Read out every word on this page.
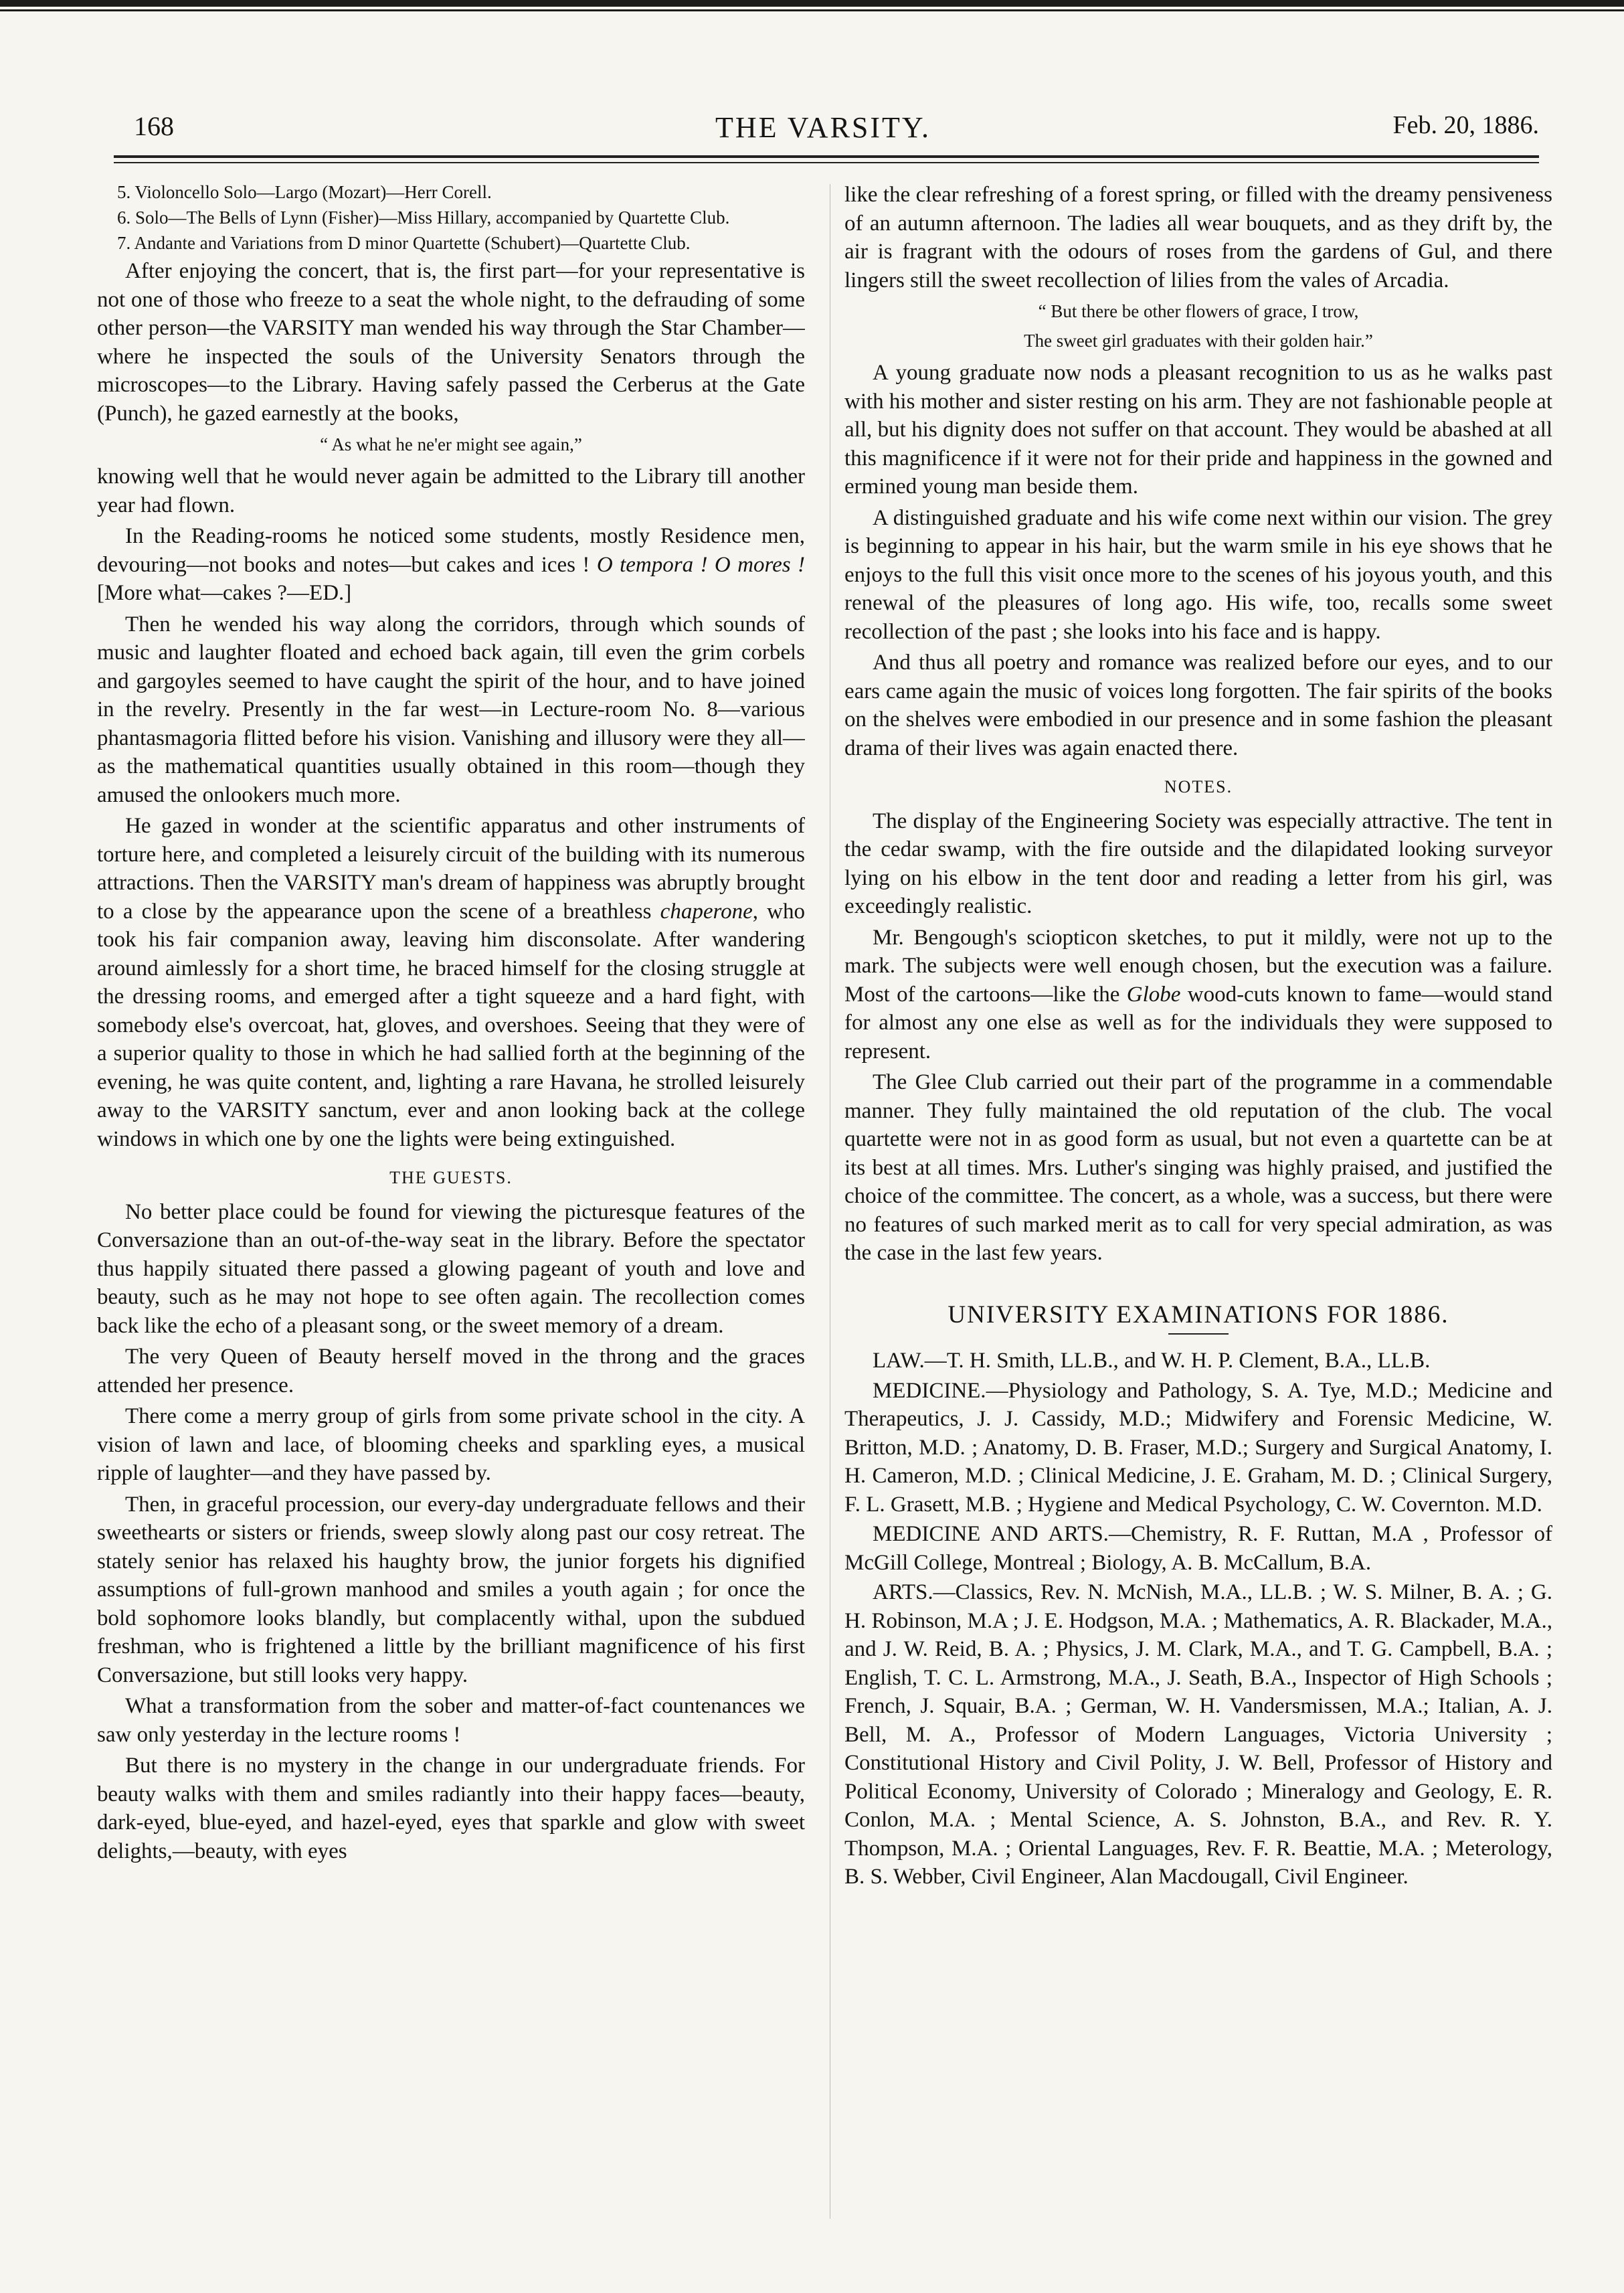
168	THE VARSITY.	Feb. 20, 1886.

5. Violoncello Solo—Largo (Mozart)—Herr Corell.

6. Solo—The Bells of Lynn (Fisher)—Miss Hillary, accompanied by Quartette Club.

7. Andante and Variations from D minor Quartette (Schubert)—Quartette Club.

After enjoying the concert, that is, the first part—for your representative is not one of those who freeze to a seat the whole night, to the defrauding of some other person—the VARSITY man wended his way through the Star Chamber—where he inspected the souls of the University Senators through the microscopes—to the Library. Having safely passed the Cerberus at the Gate (Punch), he gazed earnestly at the books,

“ As what he ne'er might see again,”

knowing well that he would never again be admitted to the Library till another year had flown.

In the Reading-rooms he noticed some students, mostly Residence men, devouring—not books and notes—but cakes and ices ! O tempora ! O mores ! [More what—cakes ?—ED.]

Then he wended his way along the corridors, through which sounds of music and laughter floated and echoed back again, till even the grim corbels and gargoyles seemed to have caught the spirit of the hour, and to have joined in the revelry. Presently in the far west—in Lecture-room No. 8—various phantasmagoria flitted before his vision. Vanishing and illusory were they all—as the mathematical quantities usually obtained in this room—though they amused the onlookers much more.

He gazed in wonder at the scientific apparatus and other instruments of torture here, and completed a leisurely circuit of the building with its numerous attractions. Then the VARSITY man's dream of happiness was abruptly brought to a close by the appearance upon the scene of a breathless chaperone, who took his fair companion away, leaving him disconsolate. After wandering around aimlessly for a short time, he braced himself for the closing struggle at the dressing rooms, and emerged after a tight squeeze and a hard fight, with somebody else's overcoat, hat, gloves, and overshoes. Seeing that they were of a superior quality to those in which he had sallied forth at the beginning of the evening, he was quite content, and, lighting a rare Havana, he strolled leisurely away to the VARSITY sanctum, ever and anon looking back at the college windows in which one by one the lights were being extinguished.

THE GUESTS.

No better place could be found for viewing the picturesque features of the Conversazione than an out-of-the-way seat in the library. Before the spectator thus happily situated there passed a glowing pageant of youth and love and beauty, such as he may not hope to see often again. The recollection comes back like the echo of a pleasant song, or the sweet memory of a dream.

The very Queen of Beauty herself moved in the throng and the graces attended her presence.

There come a merry group of girls from some private school in the city. A vision of lawn and lace, of blooming cheeks and sparkling eyes, a musical ripple of laughter—and they have passed by.

Then, in graceful procession, our every-day undergraduate fellows and their sweethearts or sisters or friends, sweep slowly along past our cosy retreat. The stately senior has relaxed his haughty brow, the junior forgets his dignified assumptions of full-grown manhood and smiles a youth again ; for once the bold sophomore looks blandly, but complacently withal, upon the subdued freshman, who is frightened a little by the brilliant magnificence of his first Conversazione, but still looks very happy.

What a transformation from the sober and matter-of-fact countenances we saw only yesterday in the lecture rooms !

But there is no mystery in the change in our undergraduate friends. For beauty walks with them and smiles radiantly into their happy faces—beauty, dark-eyed, blue-eyed, and hazel-eyed, eyes that sparkle and glow with sweet delights,—beauty, with eyes

like the clear refreshing of a forest spring, or filled with the dreamy pensiveness of an autumn afternoon. The ladies all wear bouquets, and as they drift by, the air is fragrant with the odours of roses from the gardens of Gul, and there lingers still the sweet recollection of lilies from the vales of Arcadia.

“ But there be other flowers of grace, I trow,

The sweet girl graduates with their golden hair.”

A young graduate now nods a pleasant recognition to us as he walks past with his mother and sister resting on his arm. They are not fashionable people at all, but his dignity does not suffer on that account. They would be abashed at all this magnificence if it were not for their pride and happiness in the gowned and ermined young man beside them.

A distinguished graduate and his wife come next within our vision. The grey is beginning to appear in his hair, but the warm smile in his eye shows that he enjoys to the full this visit once more to the scenes of his joyous youth, and this renewal of the pleasures of long ago. His wife, too, recalls some sweet recollection of the past ; she looks into his face and is happy.

And thus all poetry and romance was realized before our eyes, and to our ears came again the music of voices long forgotten. The fair spirits of the books on the shelves were embodied in our presence and in some fashion the pleasant drama of their lives was again enacted there.

NOTES.

The display of the Engineering Society was especially attractive. The tent in the cedar swamp, with the fire outside and the dilapidated looking surveyor lying on his elbow in the tent door and reading a letter from his girl, was exceedingly realistic.

Mr. Bengough's sciopticon sketches, to put it mildly, were not up to the mark. The subjects were well enough chosen, but the execution was a failure. Most of the cartoons—like the Globe wood-cuts known to fame—would stand for almost any one else as well as for the individuals they were supposed to represent.

The Glee Club carried out their part of the programme in a commendable manner. They fully maintained the old reputation of the club. The vocal quartette were not in as good form as usual, but not even a quartette can be at its best at all times. Mrs. Luther's singing was highly praised, and justified the choice of the committee. The concert, as a whole, was a success, but there were no features of such marked merit as to call for very special admiration, as was the case in the last few years.

UNIVERSITY EXAMINATIONS FOR 1886.

LAW.—T. H. Smith, LL.B., and W. H. P. Clement, B.A., LL.B.

MEDICINE.—Physiology and Pathology, S. A. Tye, M.D.; Medicine and Therapeutics, J. J. Cassidy, M.D.; Midwifery and Forensic Medicine, W. Britton, M.D. ; Anatomy, D. B. Fraser, M.D.; Surgery and Surgical Anatomy, I. H. Cameron, M.D. ; Clinical Medicine, J. E. Graham, M. D. ; Clinical Surgery, F. L. Grasett, M.B. ; Hygiene and Medical Psychology, C. W. Covernton. M.D.

MEDICINE AND ARTS.—Chemistry, R. F. Ruttan, M.A , Professor of McGill College, Montreal ; Biology, A. B. McCallum, B.A.

ARTS.—Classics, Rev. N. McNish, M.A., LL.B. ; W. S. Milner, B. A. ; G. H. Robinson, M.A ; J. E. Hodgson, M.A. ; Mathematics, A. R. Blackader, M.A., and J. W. Reid, B. A. ; Physics, J. M. Clark, M.A., and T. G. Campbell, B.A. ; English, T. C. L. Armstrong, M.A., J. Seath, B.A., Inspector of High Schools ; French, J. Squair, B.A. ; German, W. H. Vandersmissen, M.A.; Italian, A. J. Bell, M. A., Professor of Modern Languages, Victoria University ; Constitutional History and Civil Polity, J. W. Bell, Professor of History and Political Economy, University of Colorado ; Mineralogy and Geology, E. R. Conlon, M.A. ; Mental Science, A. S. Johnston, B.A., and Rev. R. Y. Thompson, M.A. ; Oriental Languages, Rev. F. R. Beattie, M.A. ; Meterology, B. S. Webber, Civil Engineer, Alan Macdougall, Civil Engineer.
